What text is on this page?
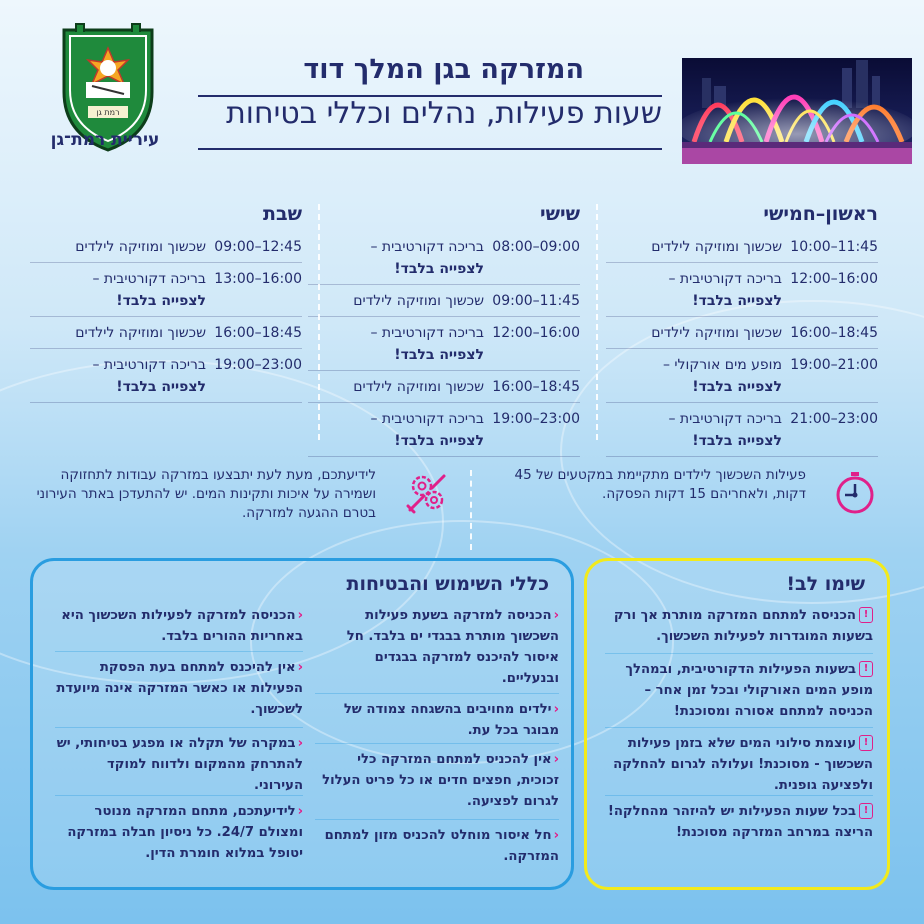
רמת גן
עיריית רמת־גן
המזרקה בגן המלך דוד
שעות פעילות, נהלים וכללי בטיחות
ראשון–חמישי
10:00–11:45
שכשוך ומוזיקה לילדים
12:00–16:00
בריכה דקורטיבית –
לצפייה בלבד!
16:00–18:45
שכשוך ומוזיקה לילדים
19:00–21:00
מופע מים אורקולי –
לצפייה בלבד!
21:00–23:00
בריכה דקורטיבית –
לצפייה בלבד!
שישי
08:00–09:00
בריכה דקורטיבית –
לצפייה בלבד!
09:00–11:45
שכשוך ומוזיקה לילדים
12:00–16:00
בריכה דקורטיבית –
לצפייה בלבד!
16:00–18:45
שכשוך ומוזיקה לילדים
19:00–23:00
בריכה דקורטיבית –
לצפייה בלבד!
שבת
09:00–12:45
שכשוך ומוזיקה לילדים
13:00–16:00
בריכה דקורטיבית –
לצפייה בלבד!
16:00–18:45
שכשוך ומוזיקה לילדים
19:00–23:00
בריכה דקורטיבית –
לצפייה בלבד!
פעילות השכשוך לילדים מתקיימת במקטעים של 45 דקות, ולאחריהם 15 דקות הפסקה.
לידיעתכם, מעת לעת יתבצעו במזרקה עבודות לתחזוקה ושמירה על איכות ותקינות המים. יש להתעדכן באתר העירוני בטרם ההגעה למזרקה.
כללי השימוש והבטיחות
‹הכניסה למזרקה בשעת פעילות השכשוך מותרת בבגדי ים בלבד. חל איסור להיכנס למזרקה בבגדים ובנעליים.
‹ילדים מחויבים בהשגחה צמודה של מבוגר בכל עת.
‹אין להכניס למתחם המזרקה כלי זכוכית, חפצים חדים או כל פריט העלול לגרום לפציעה.
‹חל איסור מוחלט להכניס מזון למתחם המזרקה.
‹הכניסה למזרקה לפעילות השכשוך היא באחריות ההורים בלבד.
‹אין להיכנס למתחם בעת הפסקת הפעילות או כאשר המזרקה אינה מיועדת לשכשוך.
‹במקרה של תקלה או מפגע בטיחותי, יש להתרחק מהמקום ולדווח למוקד העירוני.
‹לידיעתכם, מתחם המזרקה מנוטר ומצולם 24/7. כל ניסיון חבלה במזרקה יטופל במלוא חומרת הדין.
שימו לב!
!הכניסה למתחם המזרקה מותרת אך ורק בשעות המוגדרות לפעילות השכשוך.
!בשעות הפעילות הדקורטיבית, ובמהלך מופע המים האורקולי ובכל זמן אחר – הכניסה למתחם אסורה ומסוכנת!
!עוצמת סילוני המים שלא בזמן פעילות השכשוך - מסוכנת! ועלולה לגרום להחלקה ולפציעה גופנית.
!בכל שעות הפעילות יש להיזהר מהחלקה! הריצה במרחב המזרקה מסוכנת!
